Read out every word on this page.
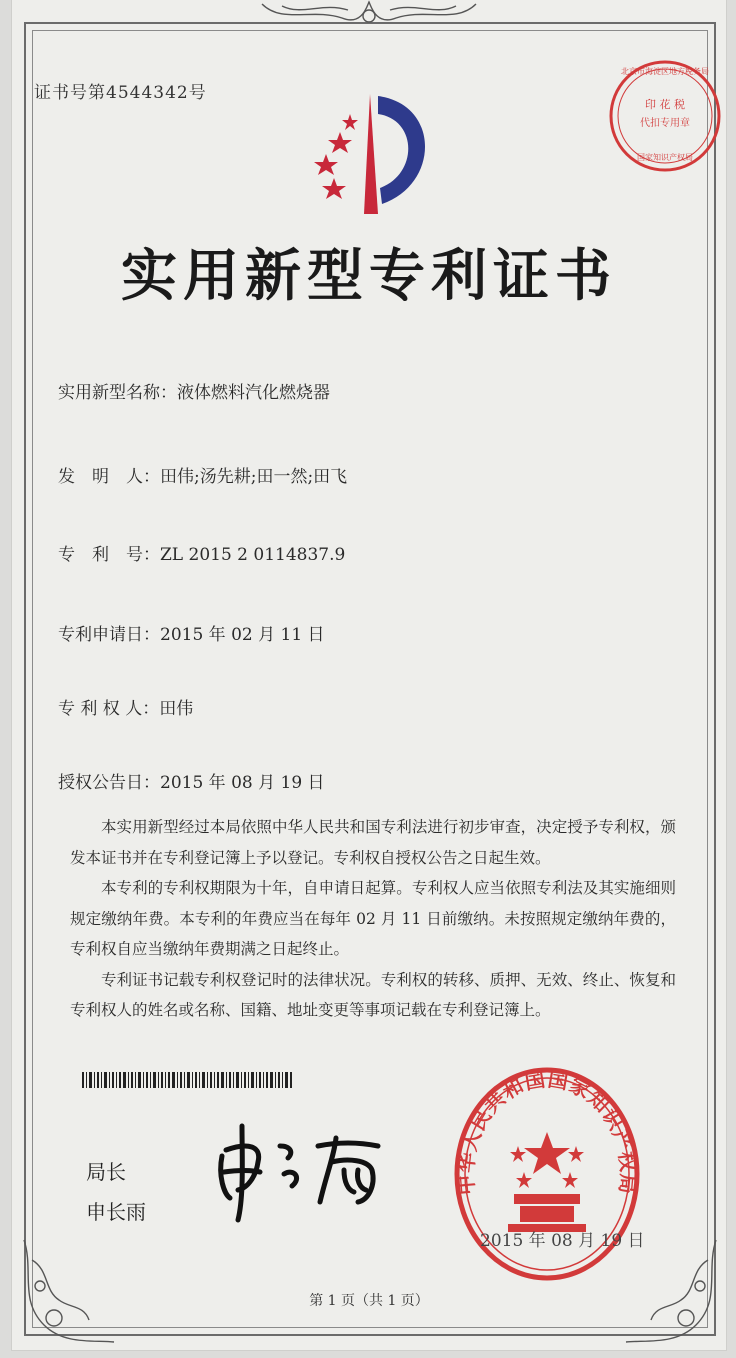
证书号第4544342号
印 花 税
代扣专用章
北京市海淀区地方税务局
国家知识产权局
实用新型专利证书
实用新型名称：液体燃料汽化燃烧器
发　明　人：田伟;汤先耕;田一然;田飞
专　利　号：ZL 2015 2 0114837.9
专利申请日：2015 年 02 月 11 日
专 利 权 人：田伟
授权公告日：2015 年 08 月 19 日

本实用新型经过本局依照中华人民共和国专利法进行初步审查，决定授予专利权，颁发本证书并在专利登记簿上予以登记。专利权自授权公告之日起生效。

本专利的专利权期限为十年，自申请日起算。专利权人应当依照专利法及其实施细则规定缴纳年费。本专利的年费应当在每年 02 月 11 日前缴纳。未按照规定缴纳年费的，专利权自应当缴纳年费期满之日起终止。

专利证书记载专利权登记时的法律状况。专利权的转移、质押、无效、终止、恢复和专利权人的姓名或名称、国籍、地址变更等事项记载在专利登记簿上。

局长
申长雨
中华人民共和国国家知识产权局
2015 年 08 月 19 日
第 1 页（共 1 页）
